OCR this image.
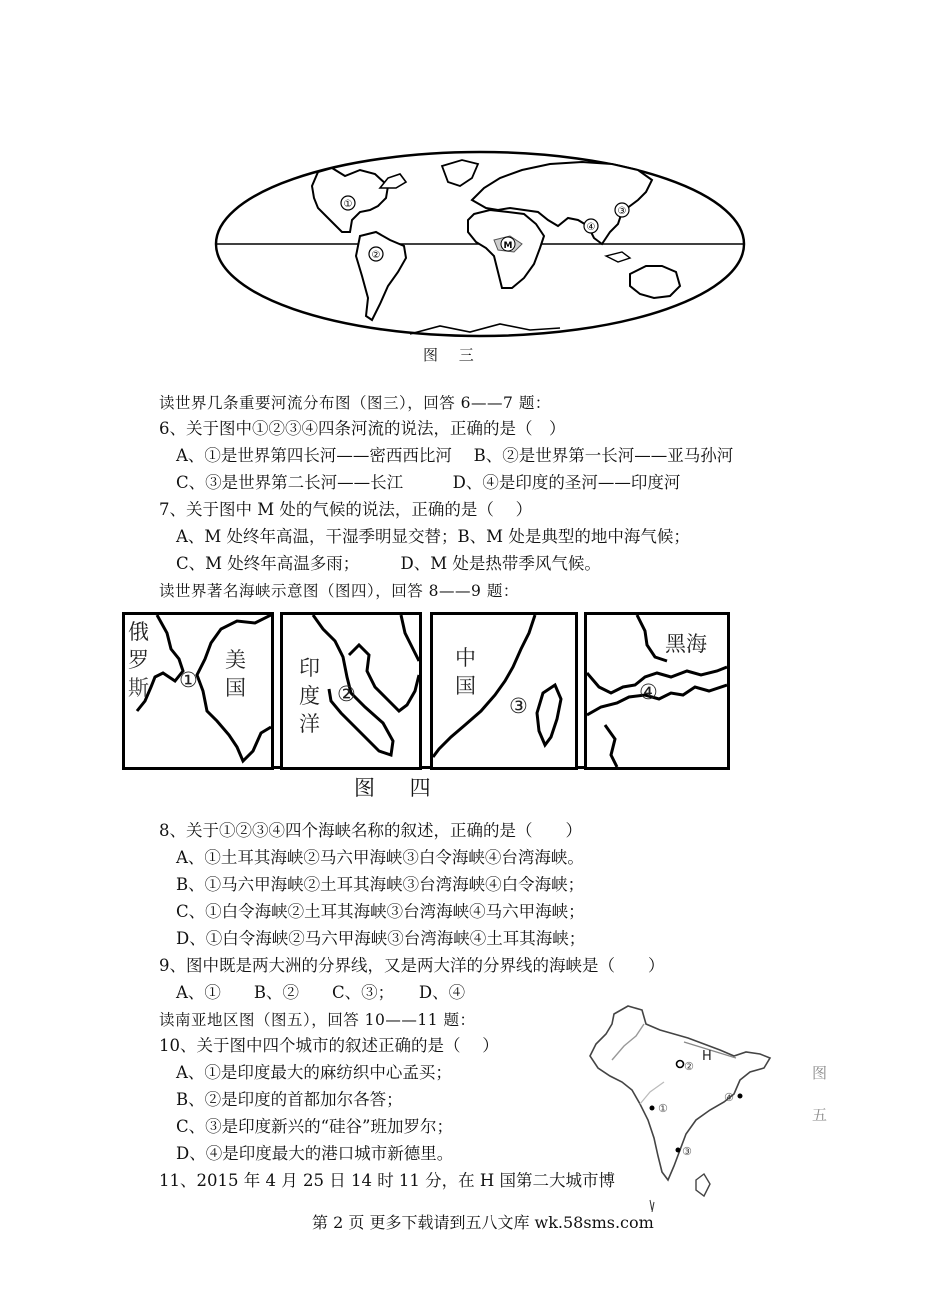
①
②
③
④
M
图 三
读世界几条重要河流分布图（图三），回答 6——7 题：
6、关于图中①②③④四条河流的说法，正确的是（　）
A、①是世界第四长河——密西西比河　 B、②是世界第一长河——亚马孙河
C、③是世界第二长河——长江　　　D、④是印度的圣河——印度河
7、关于图中 M 处的气候的说法，正确的是（　 ）
A、M 处终年高温，干湿季明显交替；B、M 处是典型的地中海气候；
C、M 处终年高温多雨；　　　D、M 处是热带季风气候。
读世界著名海峡示意图（图四），回答 8——9 题：
俄
罗
斯
美
国
①	印
度
洋
②
中
国
③
黑海
④
图 四
8、关于①②③④四个海峡名称的叙述，正确的是（　　）
A、①土耳其海峡②马六甲海峡③白令海峡④台湾海峡。
B、①马六甲海峡②土耳其海峡③台湾海峡④白令海峡；
C、①白令海峡②土耳其海峡③台湾海峡④马六甲海峡；
D、①白令海峡②马六甲海峡③台湾海峡④土耳其海峡；
9、图中既是两大洲的分界线，又是两大洋的分界线的海峡是（　　）
A、①　　B、②　　C、③；　　D、④
读南亚地区图（图五），回答 10——11 题：
10、关于图中四个城市的叙述正确的是（　 ）
A、①是印度最大的麻纺织中心孟买；
B、②是印度的首都加尔各答；
C、③是印度新兴的“硅谷”班加罗尔；
D、④是印度最大的港口城市新德里。
11、2015 年 4 月 25 日 14 时 11 分，在 H 国第二大城市博
②
①
③
④
H
图
五
第 2 页 更多下载请到五八文库 wk.58sms.com
